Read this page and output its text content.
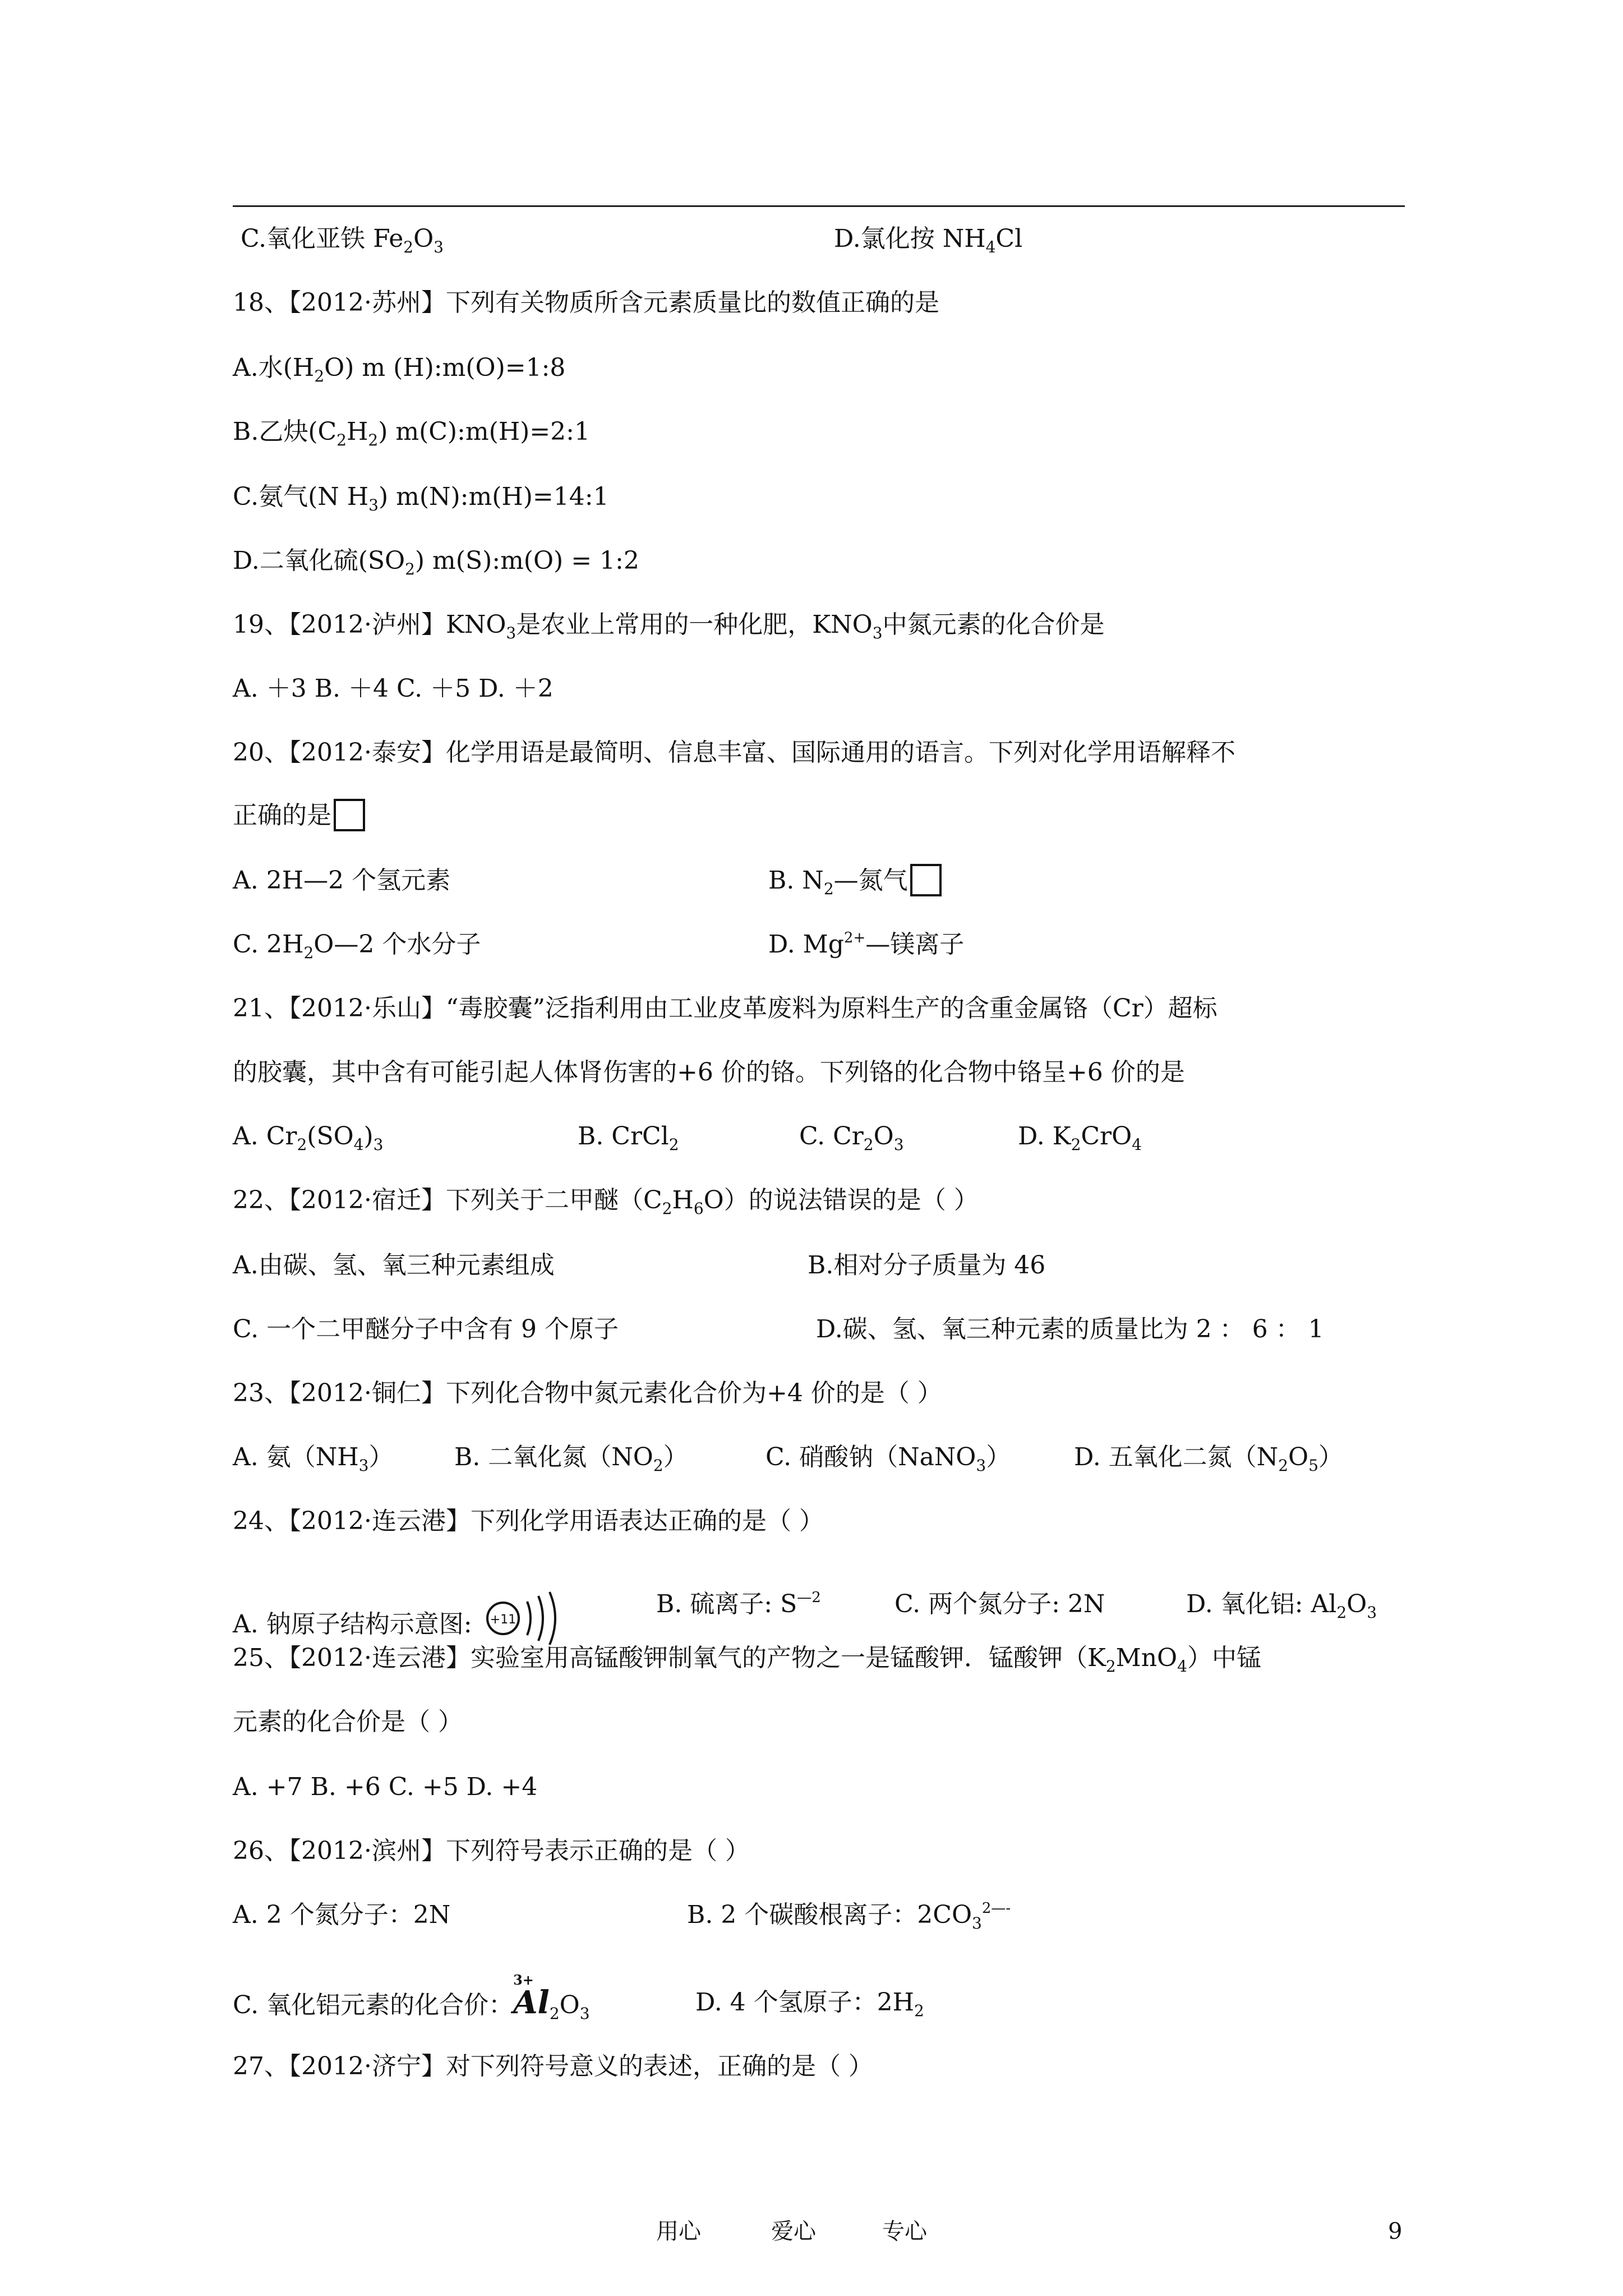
C.氧化亚铁 $Fe_2O_3$	D.氯化按 $NH_4Cl$
18、【2012·苏州】下列有关物质所含元素质量比的数值正确的是
A.水$(H_2O)$ m (H):m(O)=1:8
B.乙炔$(C_2H_2)$ m(C):m(H)=2:1
C.氨气(N $H_3$) m(N):m(H)=14:1
D.二氧化硫$(SO_2)$ m(S):m(O) = 1:2
19、【2012·泸州】$KNO_3$是农业上常用的一种化肥，$KNO_3$中氮元素的化合价是
A. ＋3 B. ＋4 C. ＋5 D. ＋2
20、【2012·泰安】化学用语是最简明、信息丰富、国际通用的语言。下列对化学用语解释不
正确的是
A. 2H—2 个氢元素	B. $N_2—$氮气
C. $2H_2O—2$ 个水分子	D. $Mg^{2+}—$镁离子
21、【2012·乐山】“毒胶囊”泛指利用由工业皮革废料为原料生产的含重金属铬（Cr）超标
的胶囊，其中含有可能引起人体肾伤害的+6 价的铬。下列铬的化合物中铬呈+6 价的是
A. $Cr_2(SO_4)_3$	B. CrCl$_2$	C. $Cr_2O_3$	D. $K_2CrO_4$
22、【2012·宿迁】下列关于二甲醚$(C_2H_6O)$的说法错误的是（ ）
A.由碳、氢、氧三种元素组成	B.相对分子质量为 46
C. 一个二甲醚分子中含有 9 个原子	D.碳、氢、氧三种元素的质量比为 2 ： 6 ： 1
23、【2012·铜仁】下列化合物中氮元素化合价为+4 价的是（ ）
A. 氨$(NH_3)$ B. 二氧化氮$(NO_2)$	C. 硝酸钠（NaNO$_3$）	D. 五氧化二氮$(N_2O_5)$
24、【2012·连云港】下列化学用语表达正确的是（ ）
A. 钠原子结构示意图: +11
B. 硫离子: $S^{—2}$	C. 两个氮分子: 2N	D. 氧化铝: $Al_2O_3$
25、【2012·连云港】实验室用高锰酸钾制氧气的产物之一是锰酸钾．锰酸钾$(K_2MnO_4)$中锰
元素的化合价是（ ）
A. +7 B. +6 C. +5 D. +4
26、【2012·滨州】下列符号表示正确的是（ ）
A. 2 个氮分子：2N	B. 2 个碳酸根离子：$2CO_3^{2—-}$
C. 氧化铝元素的化合价：
3+
$Al_2O_3$	D. 4 个氢原子：$2H_2$
27、【2012·济宁】对下列符号意义的表述，正确的是（ ）
用心	爱心	专心	9
